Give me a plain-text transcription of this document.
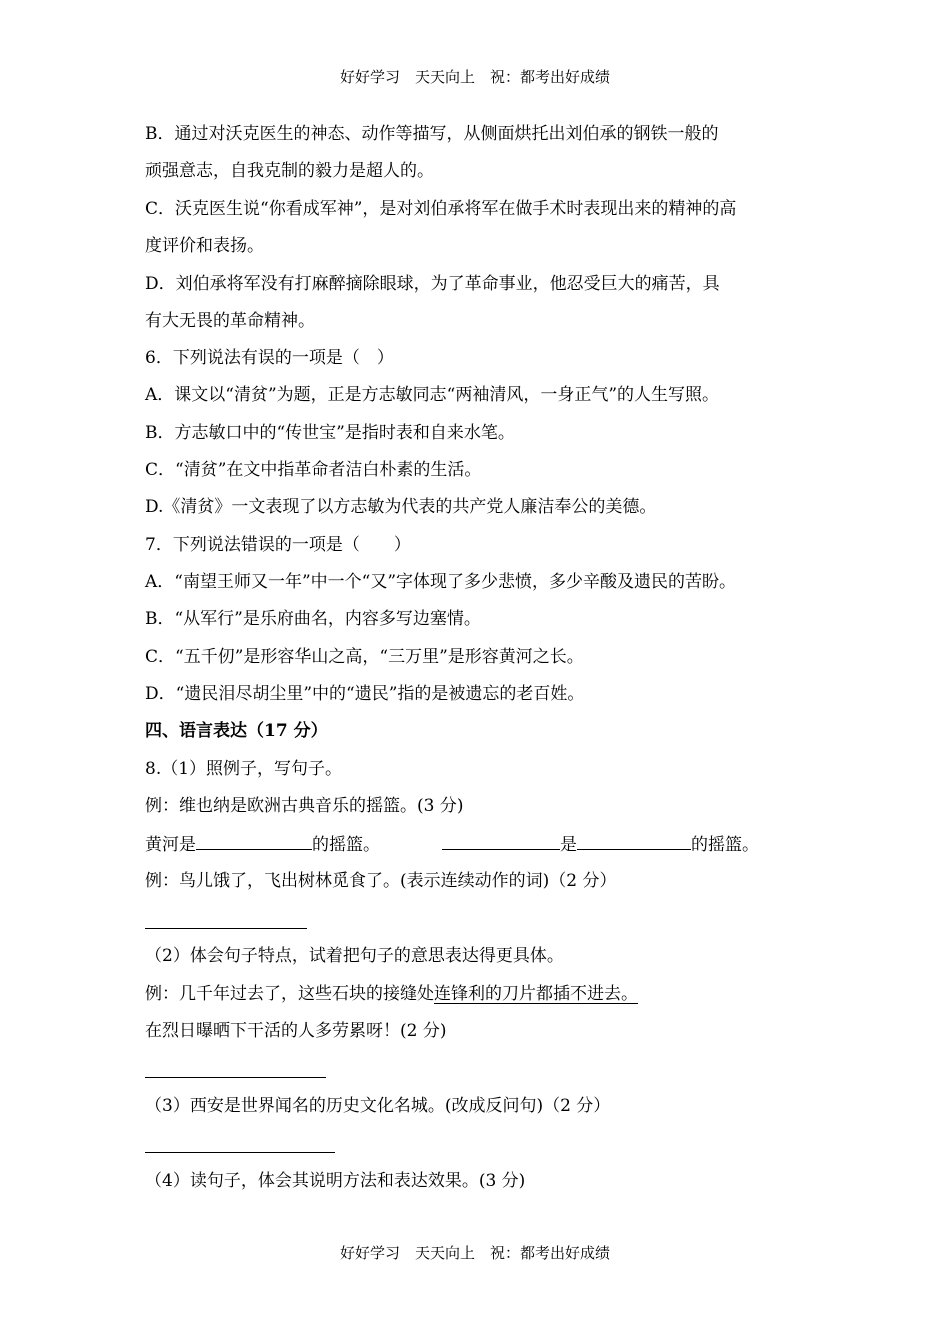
好好学习　天天向上　祝：都考出好成绩
B．通过对沃克医生的神态、动作等描写，从侧面烘托出刘伯承的钢铁一般的
顽强意志，自我克制的毅力是超人的。
C．沃克医生说“你看成军神”，是对刘伯承将军在做手术时表现出来的精神的高
度评价和表扬。
D．刘伯承将军没有打麻醉摘除眼球，为了革命事业，他忍受巨大的痛苦，具
有大无畏的革命精神。
6．下列说法有误的一项是（　）
A．课文以“清贫”为题，正是方志敏同志“两袖清风，一身正气”的人生写照。
B．方志敏口中的“传世宝”是指时表和自来水笔。
C．“清贫”在文中指革命者洁白朴素的生活。
D.《清贫》一文表现了以方志敏为代表的共产党人廉洁奉公的美德。
7．下列说法错误的一项是（　　）
A．“南望王师又一年”中一个“又”字体现了多少悲愤，多少辛酸及遗民的苦盼。
B．“从军行”是乐府曲名，内容多写边塞情。
C．“五千仞”是形容华山之高，“三万里”是形容黄河之长。
D．“遗民泪尽胡尘里”中的“遗民”指的是被遗忘的老百姓。
四、语言表达（17 分）
8.（1）照例子，写句子。
例：维也纳是欧洲古典音乐的摇篮。(3 分)
黄河是	的摇篮。	是	的摇篮。
例：鸟儿饿了，飞出树林觅食了。(表示连续动作的词)（2 分）
（2）体会句子特点，试着把句子的意思表达得更具体。
例：几千年过去了，这些石块的接缝处连锋利的刀片都插不进去。
在烈日曝晒下干活的人多劳累呀！(2 分)
（3）西安是世界闻名的历史文化名城。(改成反问句)（2 分）
（4）读句子，体会其说明方法和表达效果。(3 分)
好好学习　天天向上　祝：都考出好成绩
